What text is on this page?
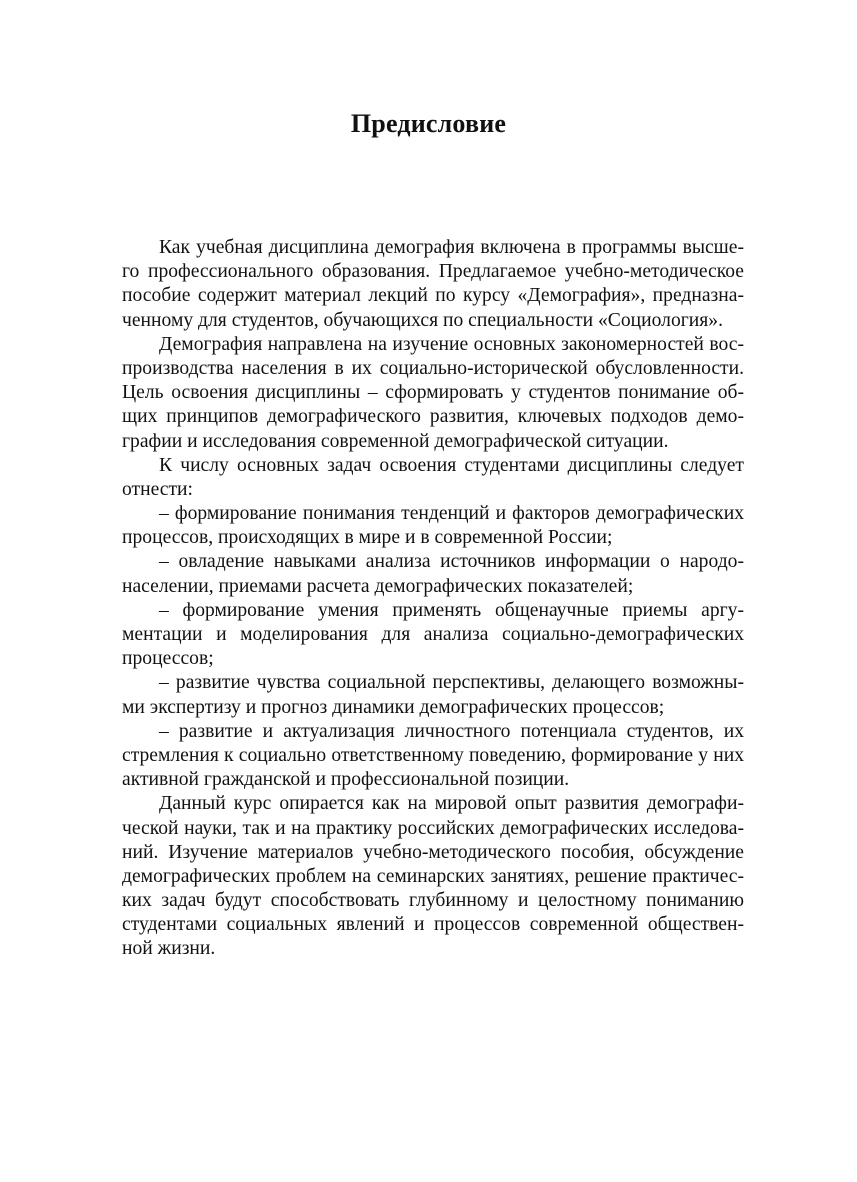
Предисловие
Как учебная дисциплина демография включена в программы высше-
го профессионального образования. Предлагаемое учебно-методическое
пособие содержит материал лекций по курсу «Демография», предназна-
ченному для студентов, обучающихся по специальности «Социология».
Демография направлена на изучение основных закономерностей вос-
производства населения в их социально-исторической обусловленности.
Цель освоения дисциплины – сформировать у студентов понимание об-
щих принципов демографического развития, ключевых подходов демо-
графии и исследования современной демографической ситуации.
К числу основных задач освоения студентами дисциплины следует
отнести:
– формирование понимания тенденций и факторов демографических
процессов, происходящих в мире и в современной России;
– овладение навыками анализа источников информации о народо-
населении, приемами расчета демографических показателей;
– формирование умения применять общенаучные приемы аргу-
ментации и моделирования для анализа социально-демографических
процессов;
– развитие чувства социальной перспективы, делающего возможны-
ми экспертизу и прогноз динамики демографических процессов;
– развитие и актуализация личностного потенциала студентов, их
стремления к социально ответственному поведению, формирование у них
активной гражданской и профессиональной позиции.
Данный курс опирается как на мировой опыт развития демографи-
ческой науки, так и на практику российских демографических исследова-
ний. Изучение материалов учебно-методического пособия, обсуждение
демографических проблем на семинарских занятиях, решение практичес-
ких задач будут способствовать глубинному и целостному пониманию
студентами социальных явлений и процессов современной обществен-
ной жизни.
